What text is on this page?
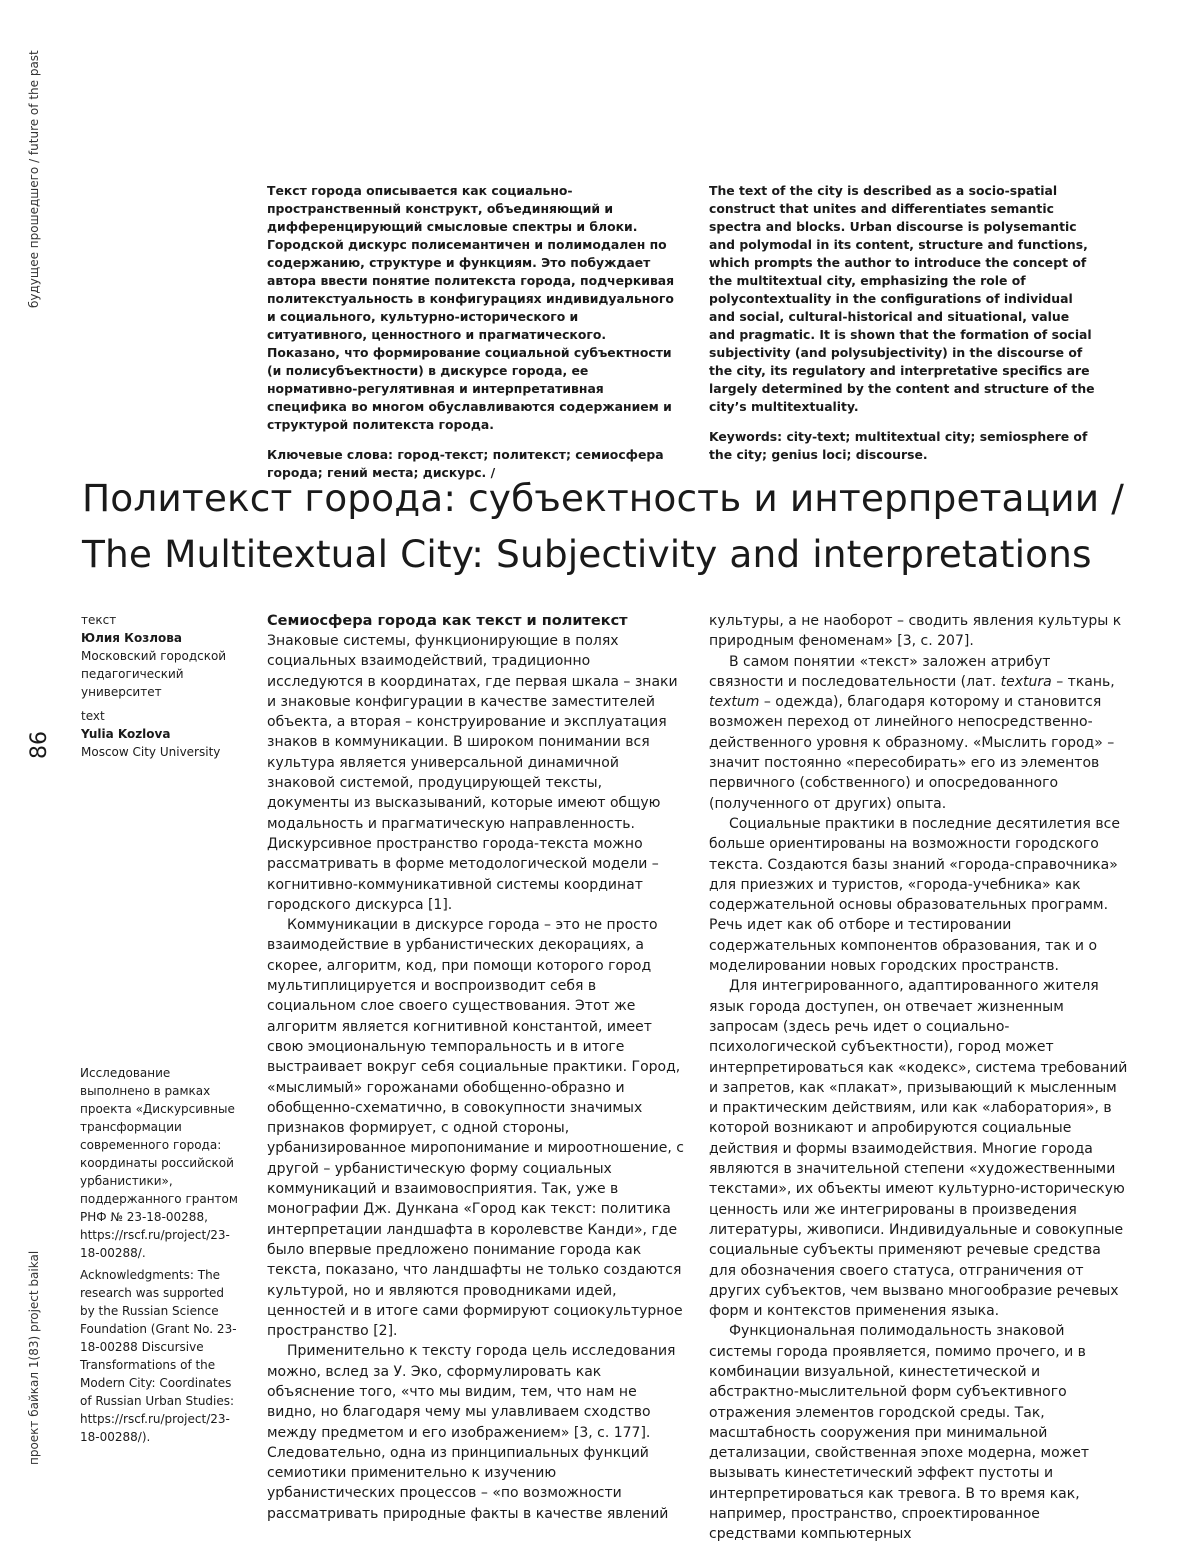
будущее прошедшего / future of the past
86
проект байкал 1(83) project baikal

Текст города описывается как социально-пространственный конструкт, объединяющий и дифференцирующий смысловые спектры и блоки. Городской дискурс полисемантичен и полимодален по содержанию, структуре и функциям. Это побуждает автора ввести понятие политекста города, подчеркивая политекстуальность в конфигурациях индивидуального и социального, культурно-исторического и ситуативного, ценностного и прагматического. Показано, что формирование социальной субъектности (и полисубъектности) в дискурсе города, ее нормативно-регулятивная и интерпретативная специфика во многом обуславливаются содержанием и структурой политекста города.

Ключевые слова: город-текст; политекст; семиосфера города; гений места; дискурс. /

The text of the city is described as a socio-spatial construct that unites and differentiates semantic spectra and blocks. Urban discourse is polysemantic and polymodal in its content, structure and functions, which prompts the author to introduce the concept of the multitextual city, emphasizing the role of polycontextuality in the configurations of individual and social, cultural-historical and situational, value and pragmatic. It is shown that the formation of social subjectivity (and polysubjectivity) in the discourse of the city, its regulatory and interpretative specifics are largely determined by the content and structure of the city’s multitextuality.

Keywords: city-text; multitextual city; semiosphere of the city; genius loci; discourse.

Политекст города: субъектность и интерпретации /
The Multitextual City: Subjectivity and interpretations
текст
Юлия Козлова
Московский городской педагогический университет
text
Yulia Kozlova
Moscow City University

Исследование выполнено в рамках проекта «Дискурсивные трансформации современного города: координаты российской урбанистики», поддержанного грантом РНФ № 23-18-00288, https://rscf.ru/project/23-18-00288/.

Acknowledgments: The research was supported by the Russian Science Foundation (Grant No. 23-18-00288 Discursive Transformations of the Modern City: Coordinates of Russian Urban Studies: https://rscf.ru/project/23-18-00288/).

Семиосфера города как текст и политекст

Знаковые системы, функционирующие в полях социальных взаимодействий, традиционно исследуются в координатах, где первая шкала – знаки и знаковые конфигурации в качестве заместителей объекта, а вторая – конструирование и эксплуатация знаков в коммуникации. В широком понимании вся культура является универсальной динамичной знаковой системой, продуцирующей тексты, документы из высказываний, которые имеют общую модальность и прагматическую направленность. Дискурсивное пространство города-текста можно рассматривать в форме методологической модели – когнитивно-коммуникативной системы координат городского дискурса [1].

Коммуникации в дискурсе города – это не просто взаимодействие в урбанистических декорациях, а скорее, алгоритм, код, при помощи которого город мультиплицируется и воспроизводит себя в социальном слое своего существования. Этот же алгоритм является когнитивной константой, имеет свою эмоциональную темпоральность и в итоге выстраивает вокруг себя социальные практики. Город, «мыслимый» горожанами обобщенно-образно и обобщенно-схематично, в совокупности значимых признаков формирует, с одной стороны, урбанизированное миропонимание и мироотношение, с другой – урбанистическую форму социальных коммуникаций и взаимовосприятия. Так, уже в монографии Дж. Дункана «Город как текст: политика интерпретации ландшафта в королевстве Канди», где было впервые предложено понимание города как текста, показано, что ландшафты не только создаются культурой, но и являются проводниками идей, ценностей и в итоге сами формируют социокультурное пространство [2].

Применительно к тексту города цель исследования можно, вслед за У. Эко, сформулировать как объяснение того, «что мы видим, тем, что нам не видно, но благодаря чему мы улавливаем сходство между предметом и его изображением» [3, с. 177]. Следовательно, одна из принципиальных функций семиотики применительно к изучению урбанистических процессов – «по возможности рассматривать природные факты в качестве явлений

культуры, а не наоборот – сводить явления культуры к природным феноменам» [3, с. 207].

В самом понятии «текст» заложен атрибут связности и последовательности (лат. textura – ткань, textum – одежда), благодаря которому и становится возможен переход от линейного непосредственно-действенного уровня к образному. «Мыслить город» – значит постоянно «пересобирать» его из элементов первичного (собственного) и опосредованного (полученного от других) опыта.

Социальные практики в последние десятилетия все больше ориентированы на возможности городского текста. Создаются базы знаний «города-справочника» для приезжих и туристов, «города-учебника» как содержательной основы образовательных программ. Речь идет как об отборе и тестировании содержательных компонентов образования, так и о моделировании новых городских пространств.

Для интегрированного, адаптированного жителя язык города доступен, он отвечает жизненным запросам (здесь речь идет о социально-психологической субъектности), город может интерпретироваться как «кодекс», система требований и запретов, как «плакат», призывающий к мысленным и практическим действиям, или как «лаборатория», в которой возникают и апробируются социальные действия и формы взаимодействия. Многие города являются в значительной степени «художественными текстами», их объекты имеют культурно-историческую ценность или же интегрированы в произведения литературы, живописи. Индивидуальные и совокупные социальные субъекты применяют речевые средства для обозначения своего статуса, отграничения от других субъектов, чем вызвано многообразие речевых форм и контекстов применения языка.

Функциональная полимодальность знаковой системы города проявляется, помимо прочего, и в комбинации визуальной, кинестетической и абстрактно-мыслительной форм субъективного отражения элементов городской среды. Так, масштабность сооружения при минимальной детализации, свойственная эпохе модерна, может вызывать кинестетический эффект пустоты и интерпретироваться как тревога. В то время как, например, пространство, спроектированное средствами компьютерных
